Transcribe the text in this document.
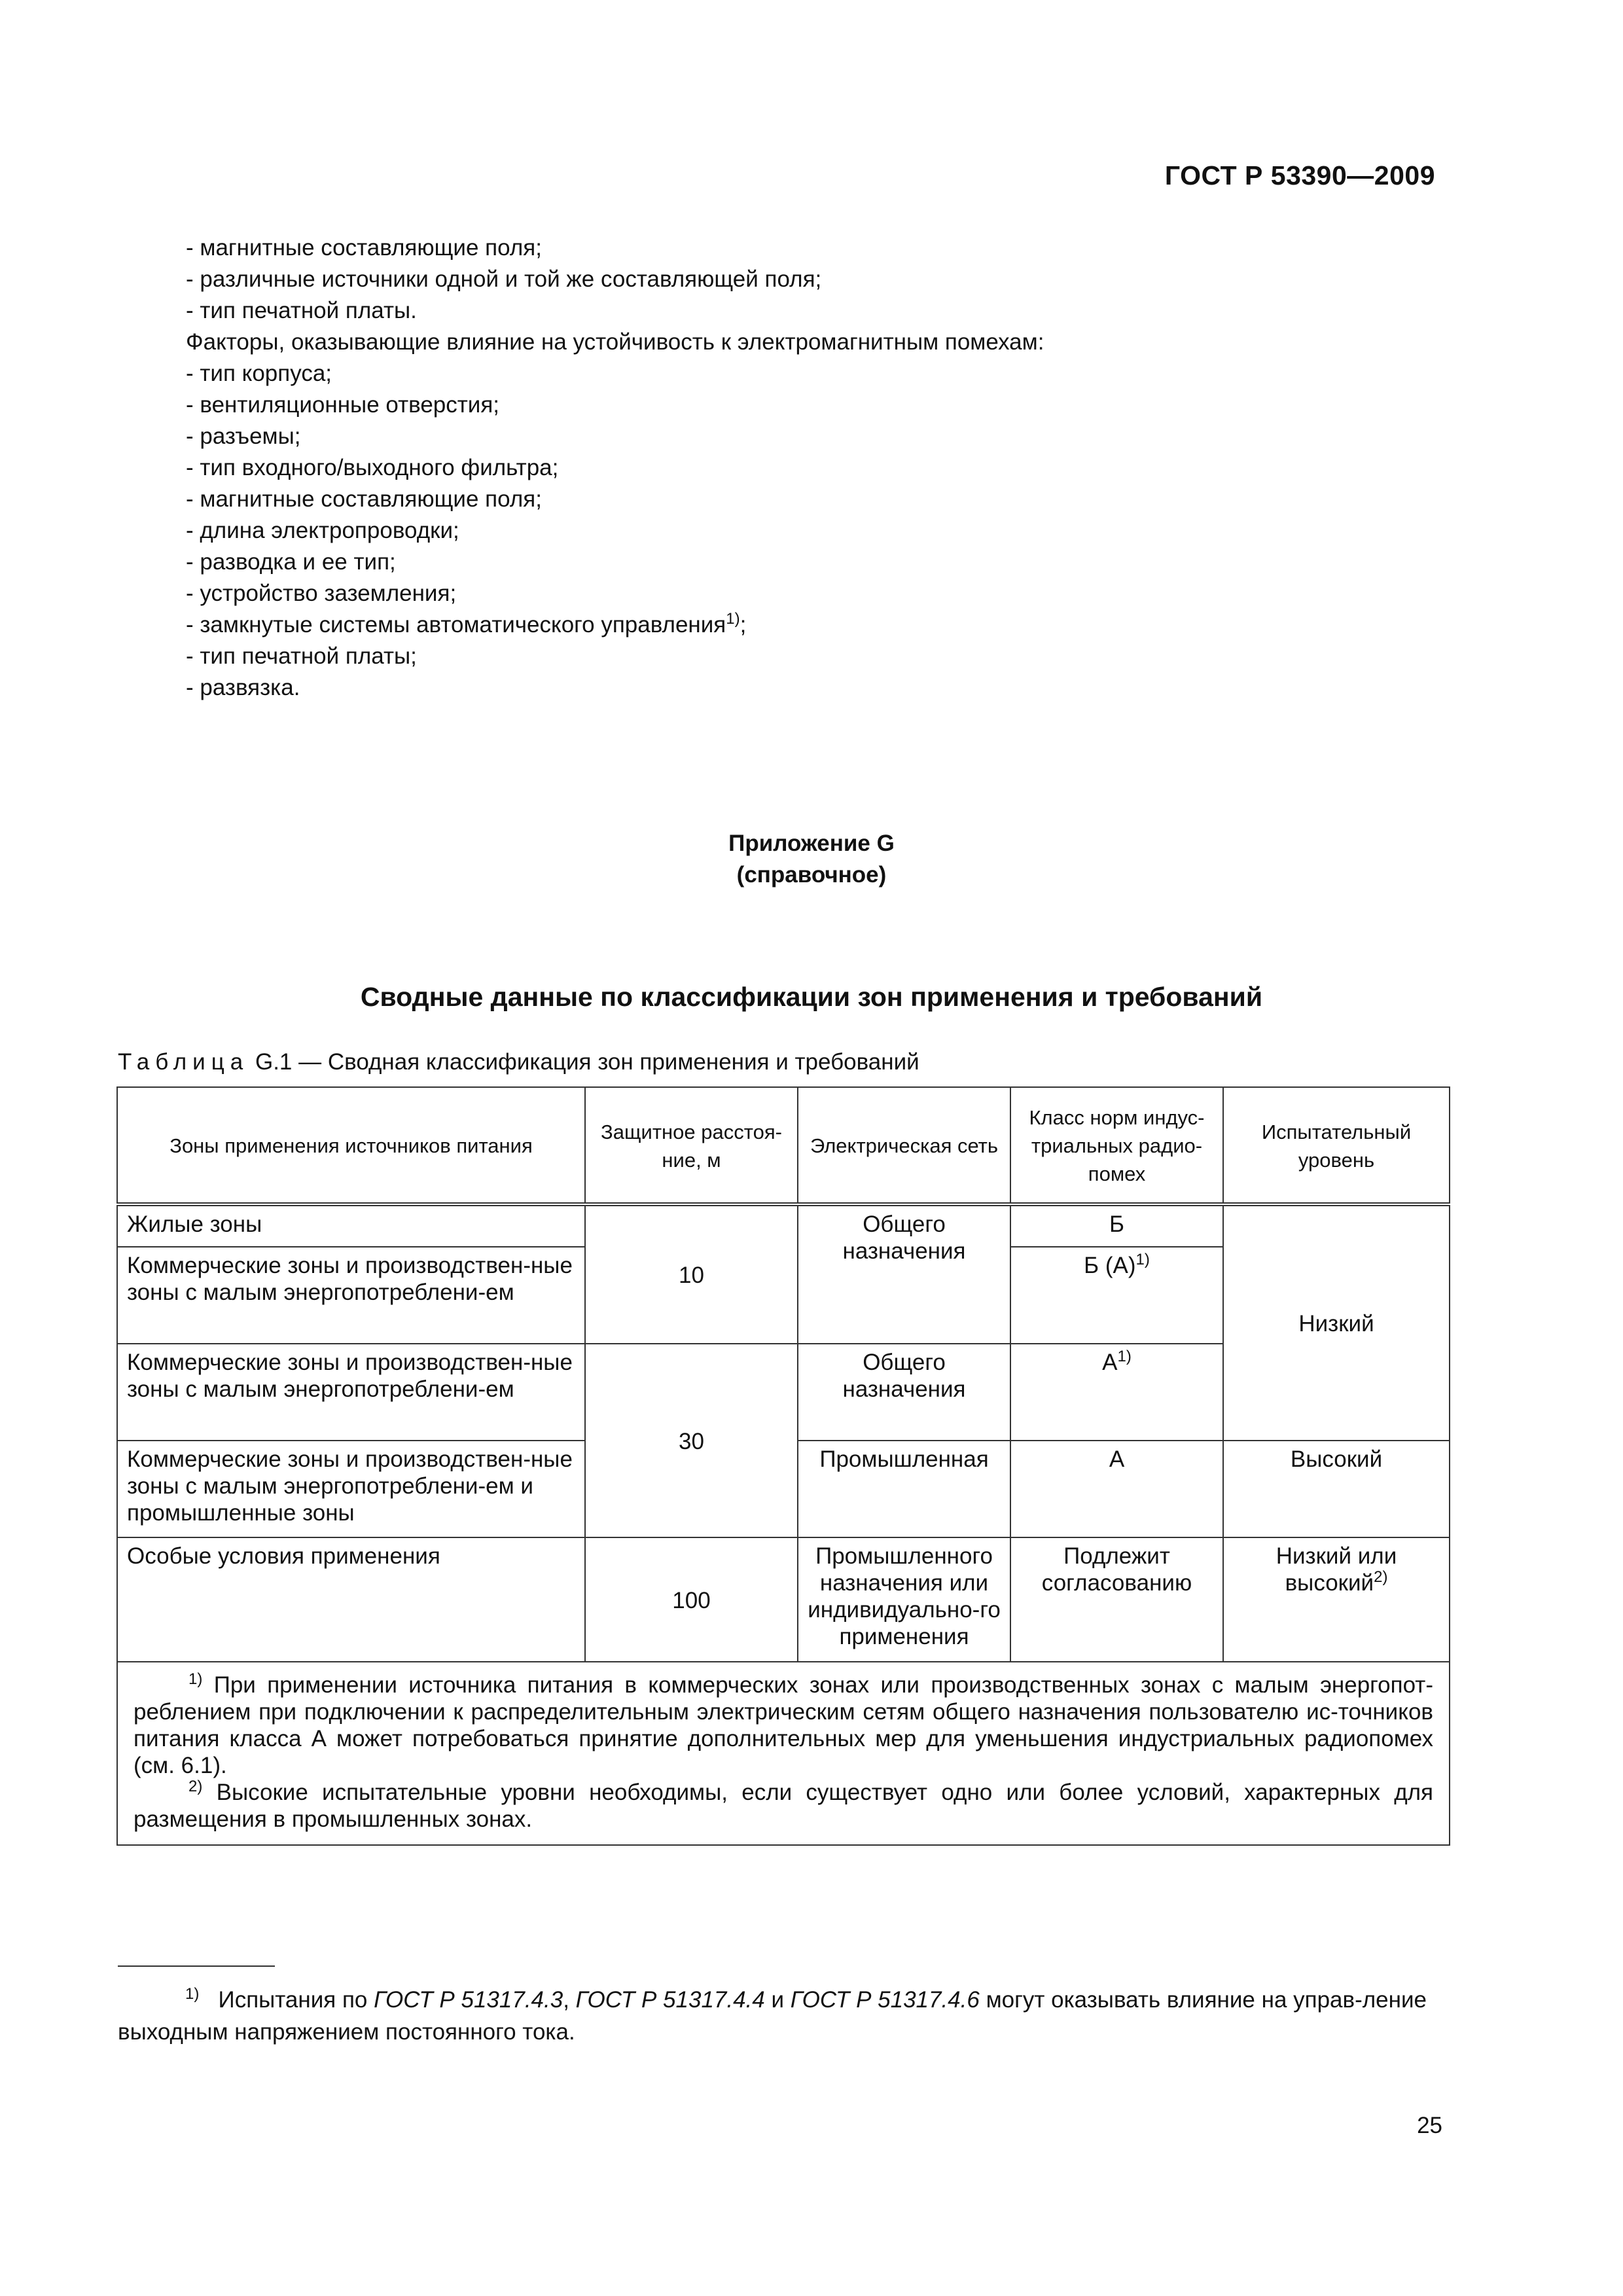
ГОСТ Р 53390—2009
- магнитные составляющие поля;
- различные источники одной и той же составляющей поля;
- тип печатной платы.
Факторы, оказывающие влияние на устойчивость к электромагнитным помехам:
- тип корпуса;
- вентиляционные отверстия;
- разъемы;
- тип входного/выходного фильтра;
- магнитные составляющие поля;
- длина электропроводки;
- разводка и ее тип;
- устройство заземления;
- замкнутые системы автоматического управления$^{1)}$;
- тип печатной платы;
- развязка.
Приложение G
(справочное)
Сводные данные по классификации зон применения и требований
Таблица G.1 — Сводная классификация зон применения и требований
Зоны применения источников питания	Защитное расстоя-ние, м	Электрическая сеть	Класс норм индус-триальных радио-помех	Испытательный уровень
Жилые зоны	10	Общего назначения	Б	Низкий
Коммерческие зоны и производствен-ные зоны с малым энергопотреблени-ем			Б $(А)^{1)}$
Коммерческие зоны и производствен-ные зоны с малым энергопотреблени-ем	30	Общего назначения	$А^{1)}$
Коммерческие зоны и производствен-ные зоны с малым энергопотреблени-ем и промышленные зоны		Промышленная	А	Высокий
Особые условия применения	100	Промышленного назначения или индивидуально-го применения	Подлежит согласованию	Низкий или высокий$^{2)}$

$^{1)}$ При применении источника питания в коммерческих зонах или производственных зонах с малым энергопот-реблением при подключении к распределительным электрическим сетям общего назначения пользователю ис-точников питания класса А может потребоваться принятие дополнительных мер для уменьшения индустриальных радиопомех (см. 6.1).
$^{2)}$ Высокие испытательные уровни необходимы, если существует одно или более условий, характерных для размещения в промышленных зонах.				
$^{1)}$ Испытания по ГОСТ Р 51317.4.3, ГОСТ Р 51317.4.4 и ГОСТ Р 51317.4.6 могут оказывать влияние на управ-ление выходным напряжением постоянного тока.
25
